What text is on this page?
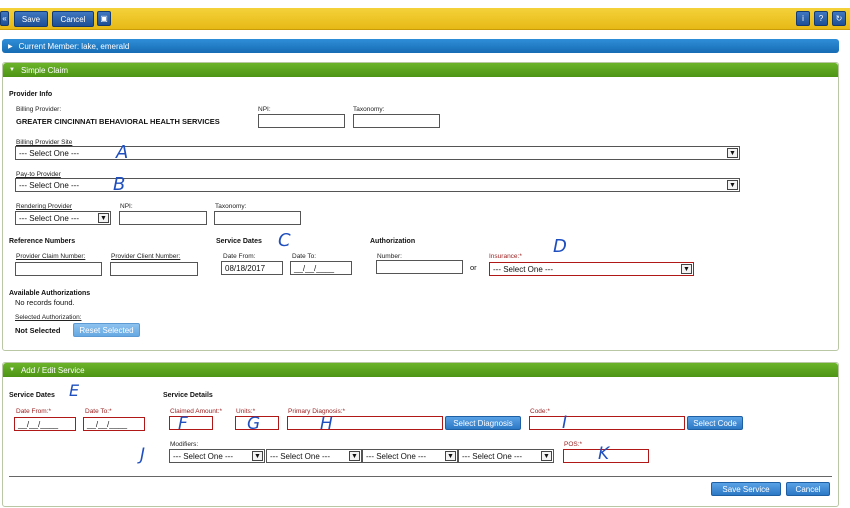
«	Save	Cancel	▣	i	?	↻
▶ Current Member: lake, emerald
▼ Simple Claim
Provider Info
Billing Provider:
GREATER CINCINNATI BEHAVIORAL HEALTH SERVICES
NPI:	Taxonomy:
Billing Provider Site
--- Select One ---	▼
Pay-to Provider
--- Select One ---	▼
Rendering Provider
--- Select One ---	▼
NPI:	Taxonomy:
Reference Numbers
Provider Claim Number:	Provider Client Number:
Service Dates
Date From:
08/18/2017
Date To:
__/__/____
Authorization
Number:
or
Insurance:*
--- Select One ---	▼
Available Authorizations
No records found.
Selected Authorization:
Not Selected	Reset Selected
▼ Add / Edit Service
Service Dates	Service Details
Date From:*
__/__/____
Date To:*
__/__/____
Claimed Amount:* Units:*	Primary Diagnosis:*
Select Diagnosis
Code:*
Select Code
Modifiers:
--- Select One ---	▼ --- Select One ---	▼ --- Select One ---	▼ --- Select One ---	▼
POS:*
Save Service	Cancel
A
B
C	D
E
F	G	H	I
J	K
